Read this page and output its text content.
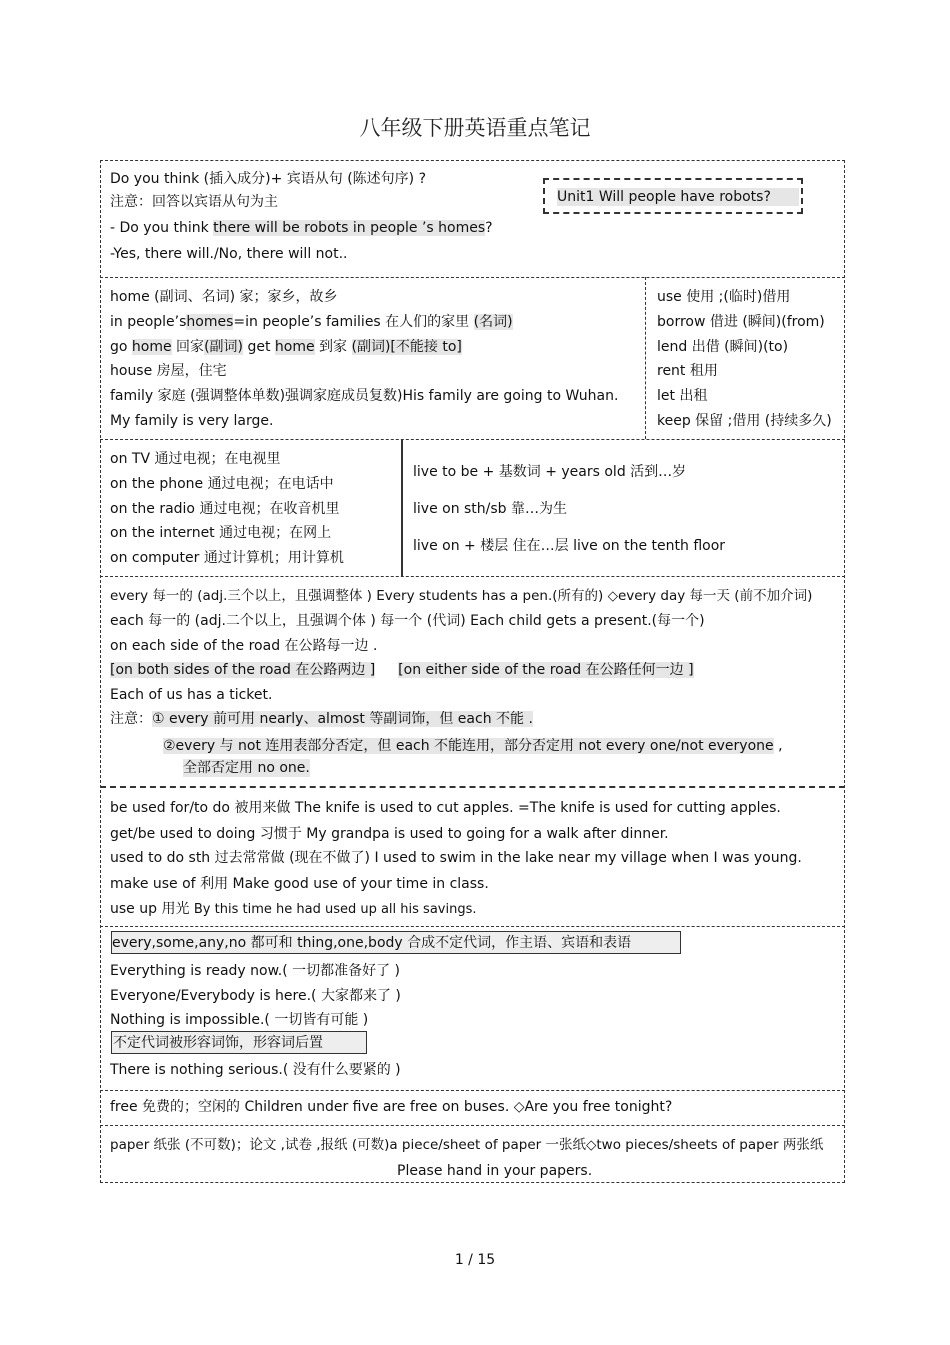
八年级下册英语重点笔记
Do you think (插入成分)+ 宾语从句 (陈述句序) ?
注意：回答以宾语从句为主
- Do you think there will be robots in people ’s homes?
-Yes, there will./No, there will not..
Unit1 Will people have robots?
home (副词、名词) 家；家乡，故乡
in people’shomes=in people’s families 在人们的家里 (名词)
go home 回家(副词) get home 到家 (副词)[不能接 to]
house 房屋，住宅
family 家庭 (强调整体单数)强调家庭成员复数)His family are going to Wuhan.
My family is very large.
use 使用 ;(临时)借用
borrow 借进 (瞬间)(from)
lend 出借 (瞬间)(to)
rent 租用
let 出租
keep 保留 ;借用 (持续多久)
on TV 通过电视；在电视里
on the phone 通过电视；在电话中
on the radio 通过电视；在收音机里
on the internet 通过电视；在网上
on computer 通过计算机；用计算机
live to be + 基数词 + years old 活到…岁
live on sth/sb 靠…为生
live on + 楼层 住在…层 live on the tenth floor
every 每一的 (adj.三个以上，且强调整体 ) Every students has a pen.(所有的) ◇every day 每一天 (前不加介词)
each 每一的 (adj.二个以上，且强调个体 ) 每一个 (代词) Each child gets a present.(每一个)
on each side of the road 在公路每一边 .
[on both sides of the road 在公路两边 ] [on either side of the road 在公路任何一边 ]
Each of us has a ticket.
注意：① every 前可用 nearly、almost 等副词饰，但 each 不能 .
②every 与 not 连用表部分否定，但 each 不能连用，部分否定用 not every one/not everyone ,
全部否定用 no one.
be used for/to do 被用来做 The knife is used to cut apples. =The knife is used for cutting apples.
get/be used to doing 习惯于 My grandpa is used to going for a walk after dinner.
used to do sth 过去常常做 (现在不做了) I used to swim in the lake near my village when I was young.
make use of 利用 Make good use of your time in class.
use up 用光 By this time he had used up all his savings.
every,some,any,no 都可和 thing,one,body 合成不定代词，作主语、宾语和表语
Everything is ready now.( 一切都准备好了 )
Everyone/Everybody is here.( 大家都来了 )
Nothing is impossible.( 一切皆有可能 )
不定代词被形容词饰，形容词后置
There is nothing serious.( 没有什么要紧的 )
free 免费的；空闲的 Children under five are free on buses. ◇Are you free tonight?
paper 纸张 (不可数)；论文 ,试卷 ,报纸 (可数)a piece/sheet of paper 一张纸◇two pieces/sheets of paper 两张纸
Please hand in your papers.
1 / 15
